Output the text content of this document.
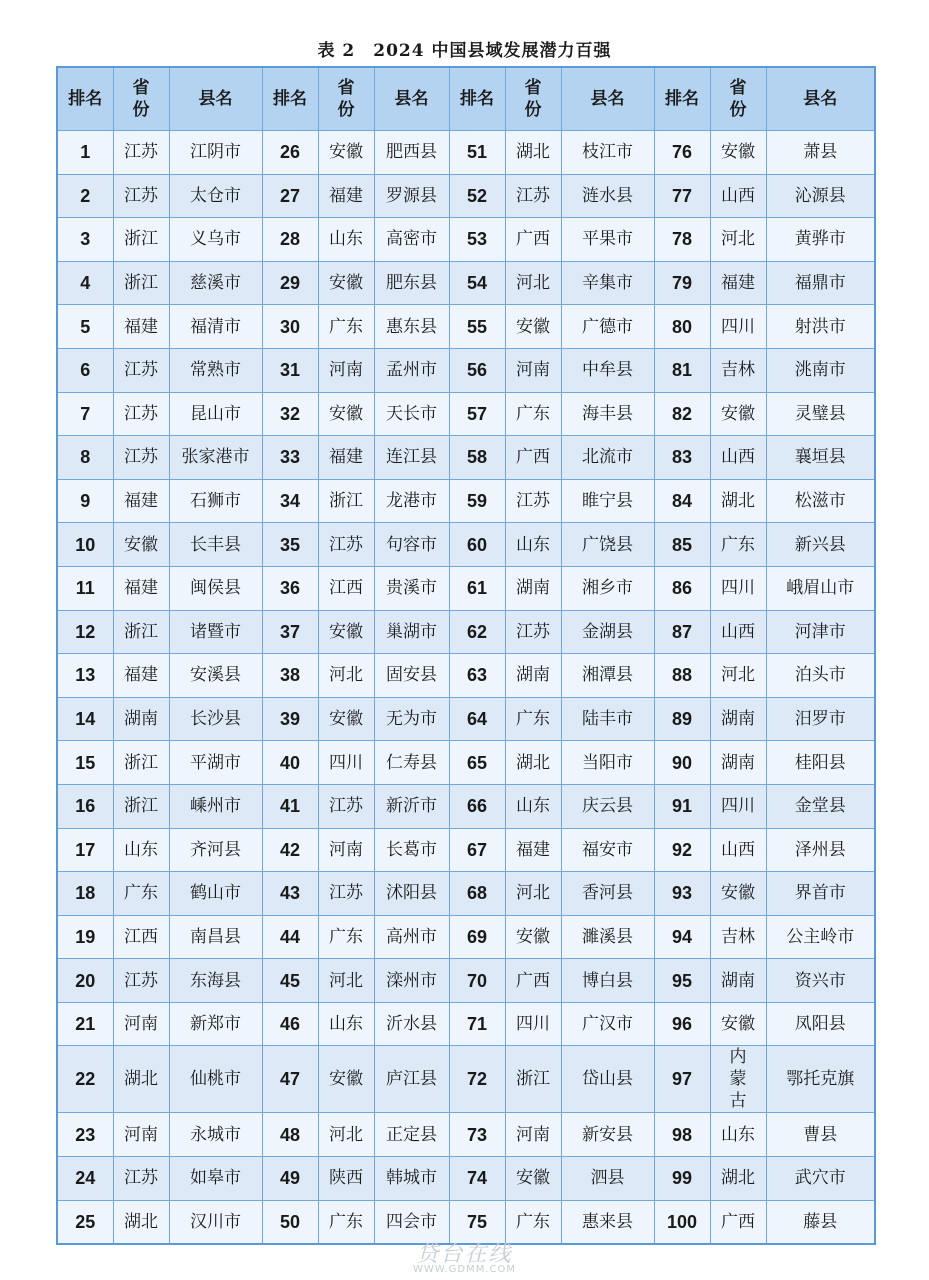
表 2　2024 中国县域发展潜力百强
排名	省份	县名	排名	省份	县名	排名	省份	县名	排名	省份	县名
1	江苏	江阴市	26	安徽	肥西县	51	湖北	枝江市	76	安徽	萧县
2	江苏	太仓市	27	福建	罗源县	52	江苏	涟水县	77	山西	沁源县
3	浙江	义乌市	28	山东	高密市	53	广西	平果市	78	河北	黄骅市
4	浙江	慈溪市	29	安徽	肥东县	54	河北	辛集市	79	福建	福鼎市
5	福建	福清市	30	广东	惠东县	55	安徽	广德市	80	四川	射洪市
6	江苏	常熟市	31	河南	孟州市	56	河南	中牟县	81	吉林	洮南市
7	江苏	昆山市	32	安徽	天长市	57	广东	海丰县	82	安徽	灵璧县
8	江苏	张家港市	33	福建	连江县	58	广西	北流市	83	山西	襄垣县
9	福建	石狮市	34	浙江	龙港市	59	江苏	睢宁县	84	湖北	松滋市
10	安徽	长丰县	35	江苏	句容市	60	山东	广饶县	85	广东	新兴县
11	福建	闽侯县	36	江西	贵溪市	61	湖南	湘乡市	86	四川	峨眉山市
12	浙江	诸暨市	37	安徽	巢湖市	62	江苏	金湖县	87	山西	河津市
13	福建	安溪县	38	河北	固安县	63	湖南	湘潭县	88	河北	泊头市
14	湖南	长沙县	39	安徽	无为市	64	广东	陆丰市	89	湖南	汨罗市
15	浙江	平湖市	40	四川	仁寿县	65	湖北	当阳市	90	湖南	桂阳县
16	浙江	嵊州市	41	江苏	新沂市	66	山东	庆云县	91	四川	金堂县
17	山东	齐河县	42	河南	长葛市	67	福建	福安市	92	山西	泽州县
18	广东	鹤山市	43	江苏	沭阳县	68	河北	香河县	93	安徽	界首市
19	江西	南昌县	44	广东	高州市	69	安徽	濉溪县	94	吉林	公主岭市
20	江苏	东海县	45	河北	滦州市	70	广西	博白县	95	湖南	资兴市
21	河南	新郑市	46	山东	沂水县	71	四川	广汉市	96	安徽	凤阳县
22	湖北	仙桃市	47	安徽	庐江县	72	浙江	岱山县	97	内蒙古	鄂托克旗
23	河南	永城市	48	河北	正定县	73	河南	新安县	98	山东	曹县
24	江苏	如皋市	49	陕西	韩城市	74	安徽	泗县	99	湖北	武穴市
25	湖北	汉川市	50	广东	四会市	75	广东	惠来县	100	广西	藤县
贷台在线
WWW.GDMM.COM
